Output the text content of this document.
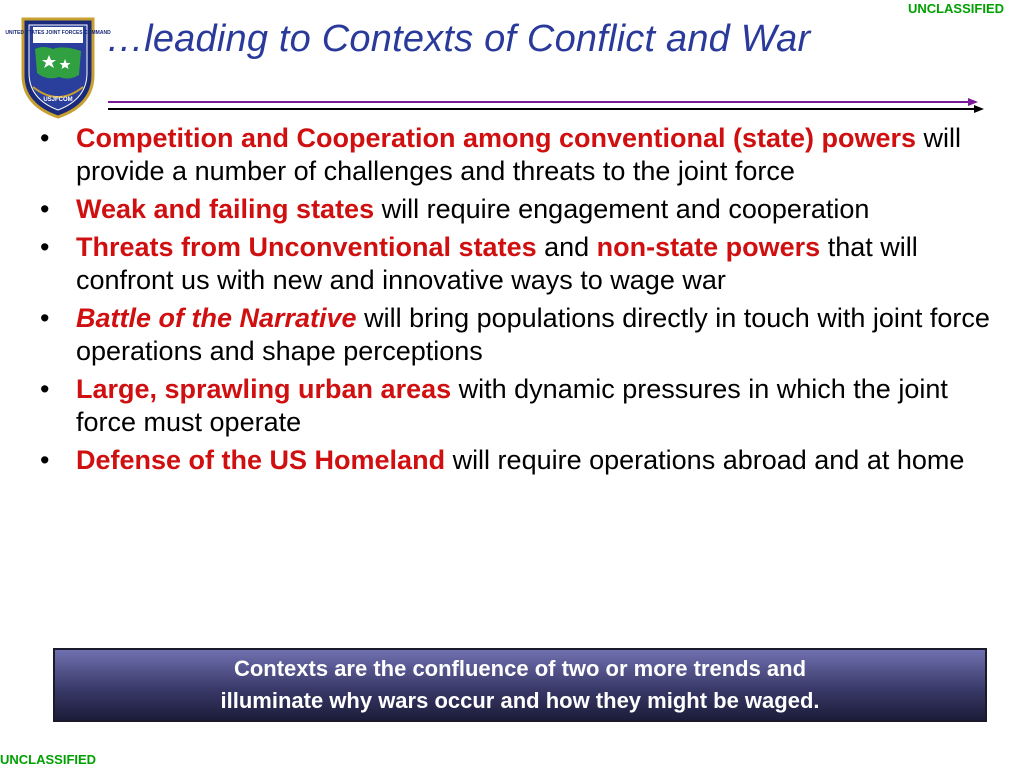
UNCLASSIFIED
UNITED STATES JOINT FORCES COMMAND
USJFCOM
…leading to Contexts of Conflict and War
• Competition and Cooperation among conventional (state) powers will provide a number of challenges and threats to the joint force
• Weak and failing states will require engagement and cooperation
• Threats from Unconventional states and non-state powers that will confront us with new and innovative ways to wage war
• Battle of the Narrative will bring populations directly in touch with joint force operations and shape perceptions
• Large, sprawling urban areas with dynamic pressures in which the joint force must operate
• Defense of the US Homeland will require operations abroad and at home
Contexts are the confluence of two or more trends and
illuminate why wars occur and how they might be waged.
UNCLASSIFIED
